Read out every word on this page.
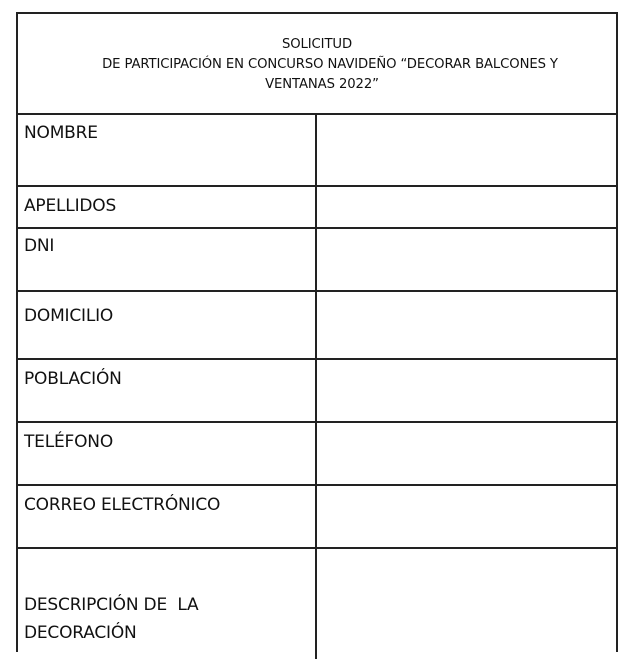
SOLICITUD
DE PARTICIPACIÓN EN CONCURSO NAVIDEÑO “DECORAR BALCONES Y
VENTANAS 2022”
NOMBRE
APELLIDOS
DNI
DOMICILIO
POBLACIÓN
TELÉFONO
CORREO ELECTRÓNICO
DESCRIPCIÓN DE  LA
DECORACIÓN
